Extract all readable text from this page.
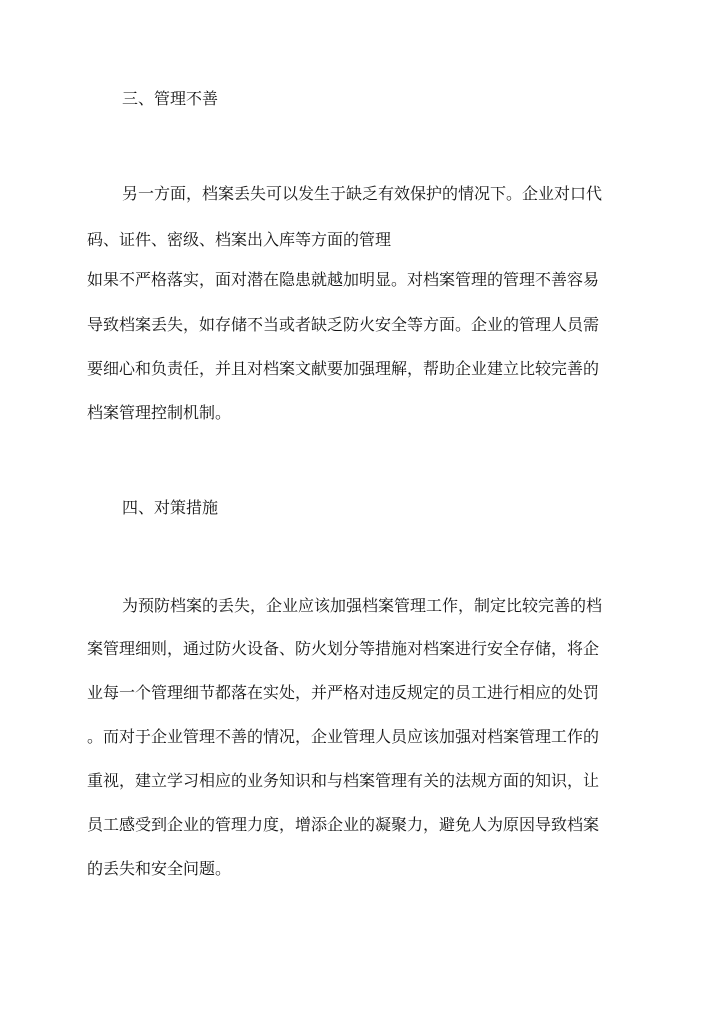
三、管理不善
另一方面，档案丢失可以发生于缺乏有效保护的情况下。企业对口代
码、证件、密级、档案出入库等方面的管理
如果不严格落实，面对潜在隐患就越加明显。对档案管理的管理不善容易
导致档案丢失，如存储不当或者缺乏防火安全等方面。企业的管理人员需
要细心和负责任，并且对档案文献要加强理解，帮助企业建立比较完善的
档案管理控制机制。
四、对策措施
为预防档案的丢失，企业应该加强档案管理工作，制定比较完善的档
案管理细则，通过防火设备、防火划分等措施对档案进行安全存储，将企
业每一个管理细节都落在实处，并严格对违反规定的员工进行相应的处罚
。而对于企业管理不善的情况，企业管理人员应该加强对档案管理工作的
重视，建立学习相应的业务知识和与档案管理有关的法规方面的知识，让
员工感受到企业的管理力度，增添企业的凝聚力，避免人为原因导致档案
的丢失和安全问题。
